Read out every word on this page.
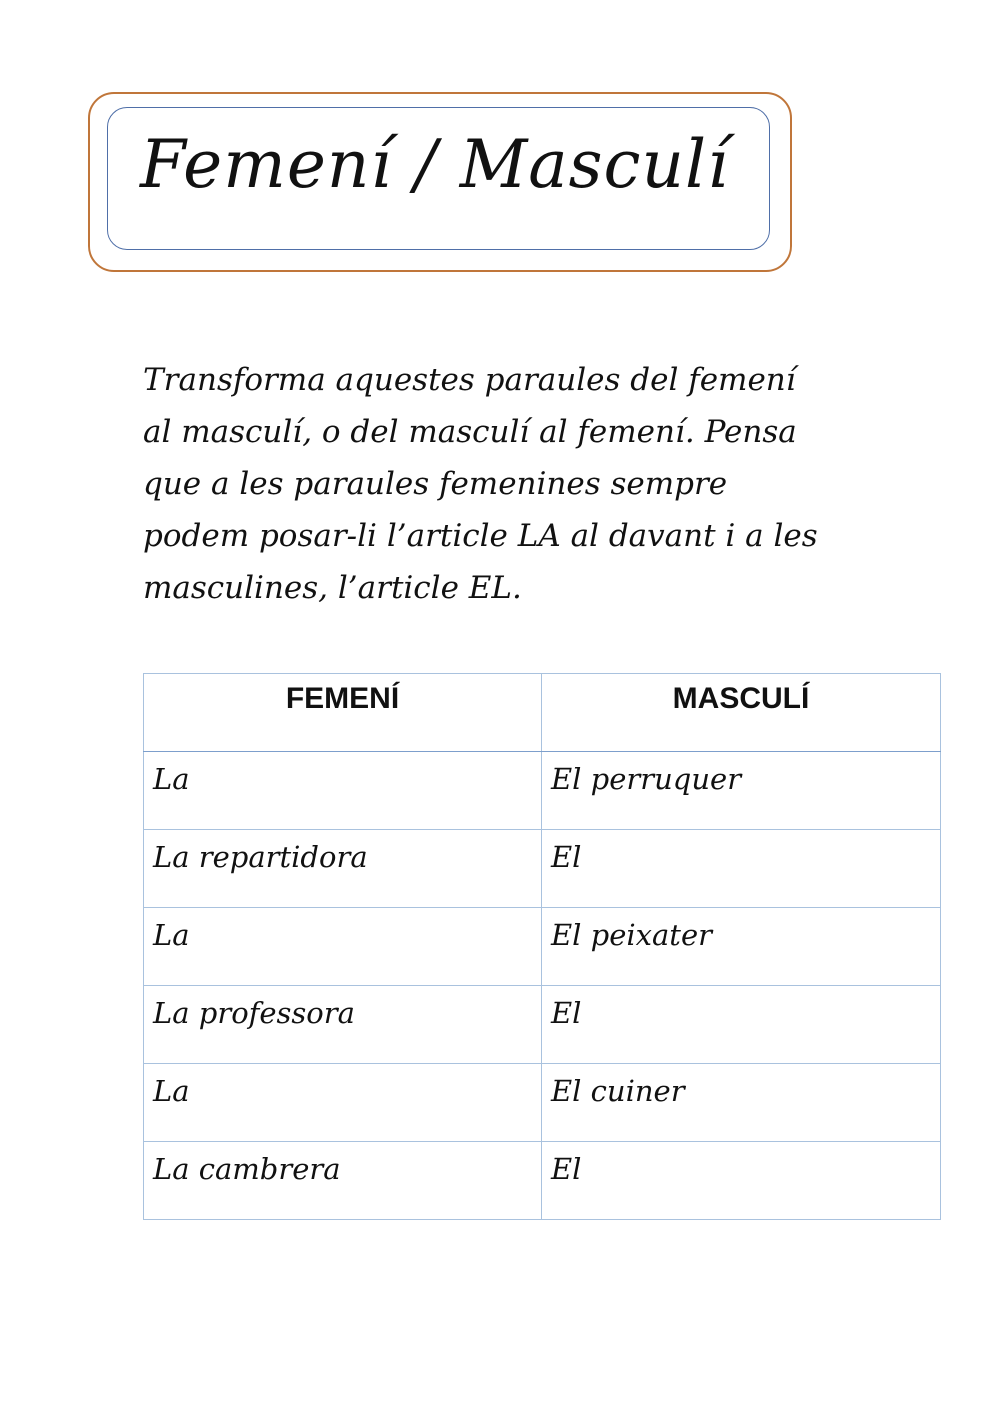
Femení / Masculí
Transforma aquestes paraules del femení
al masculí, o del masculí al femení. Pensa
que a les paraules femenines sempre
podem posar-li l’article LA al davant i a les
masculines, l’article EL.
FEMENÍ	MASCULÍ
La	El perruquer
La repartidora	El
La	El peixater
La professora	El
La	El cuiner
La cambrera	El
